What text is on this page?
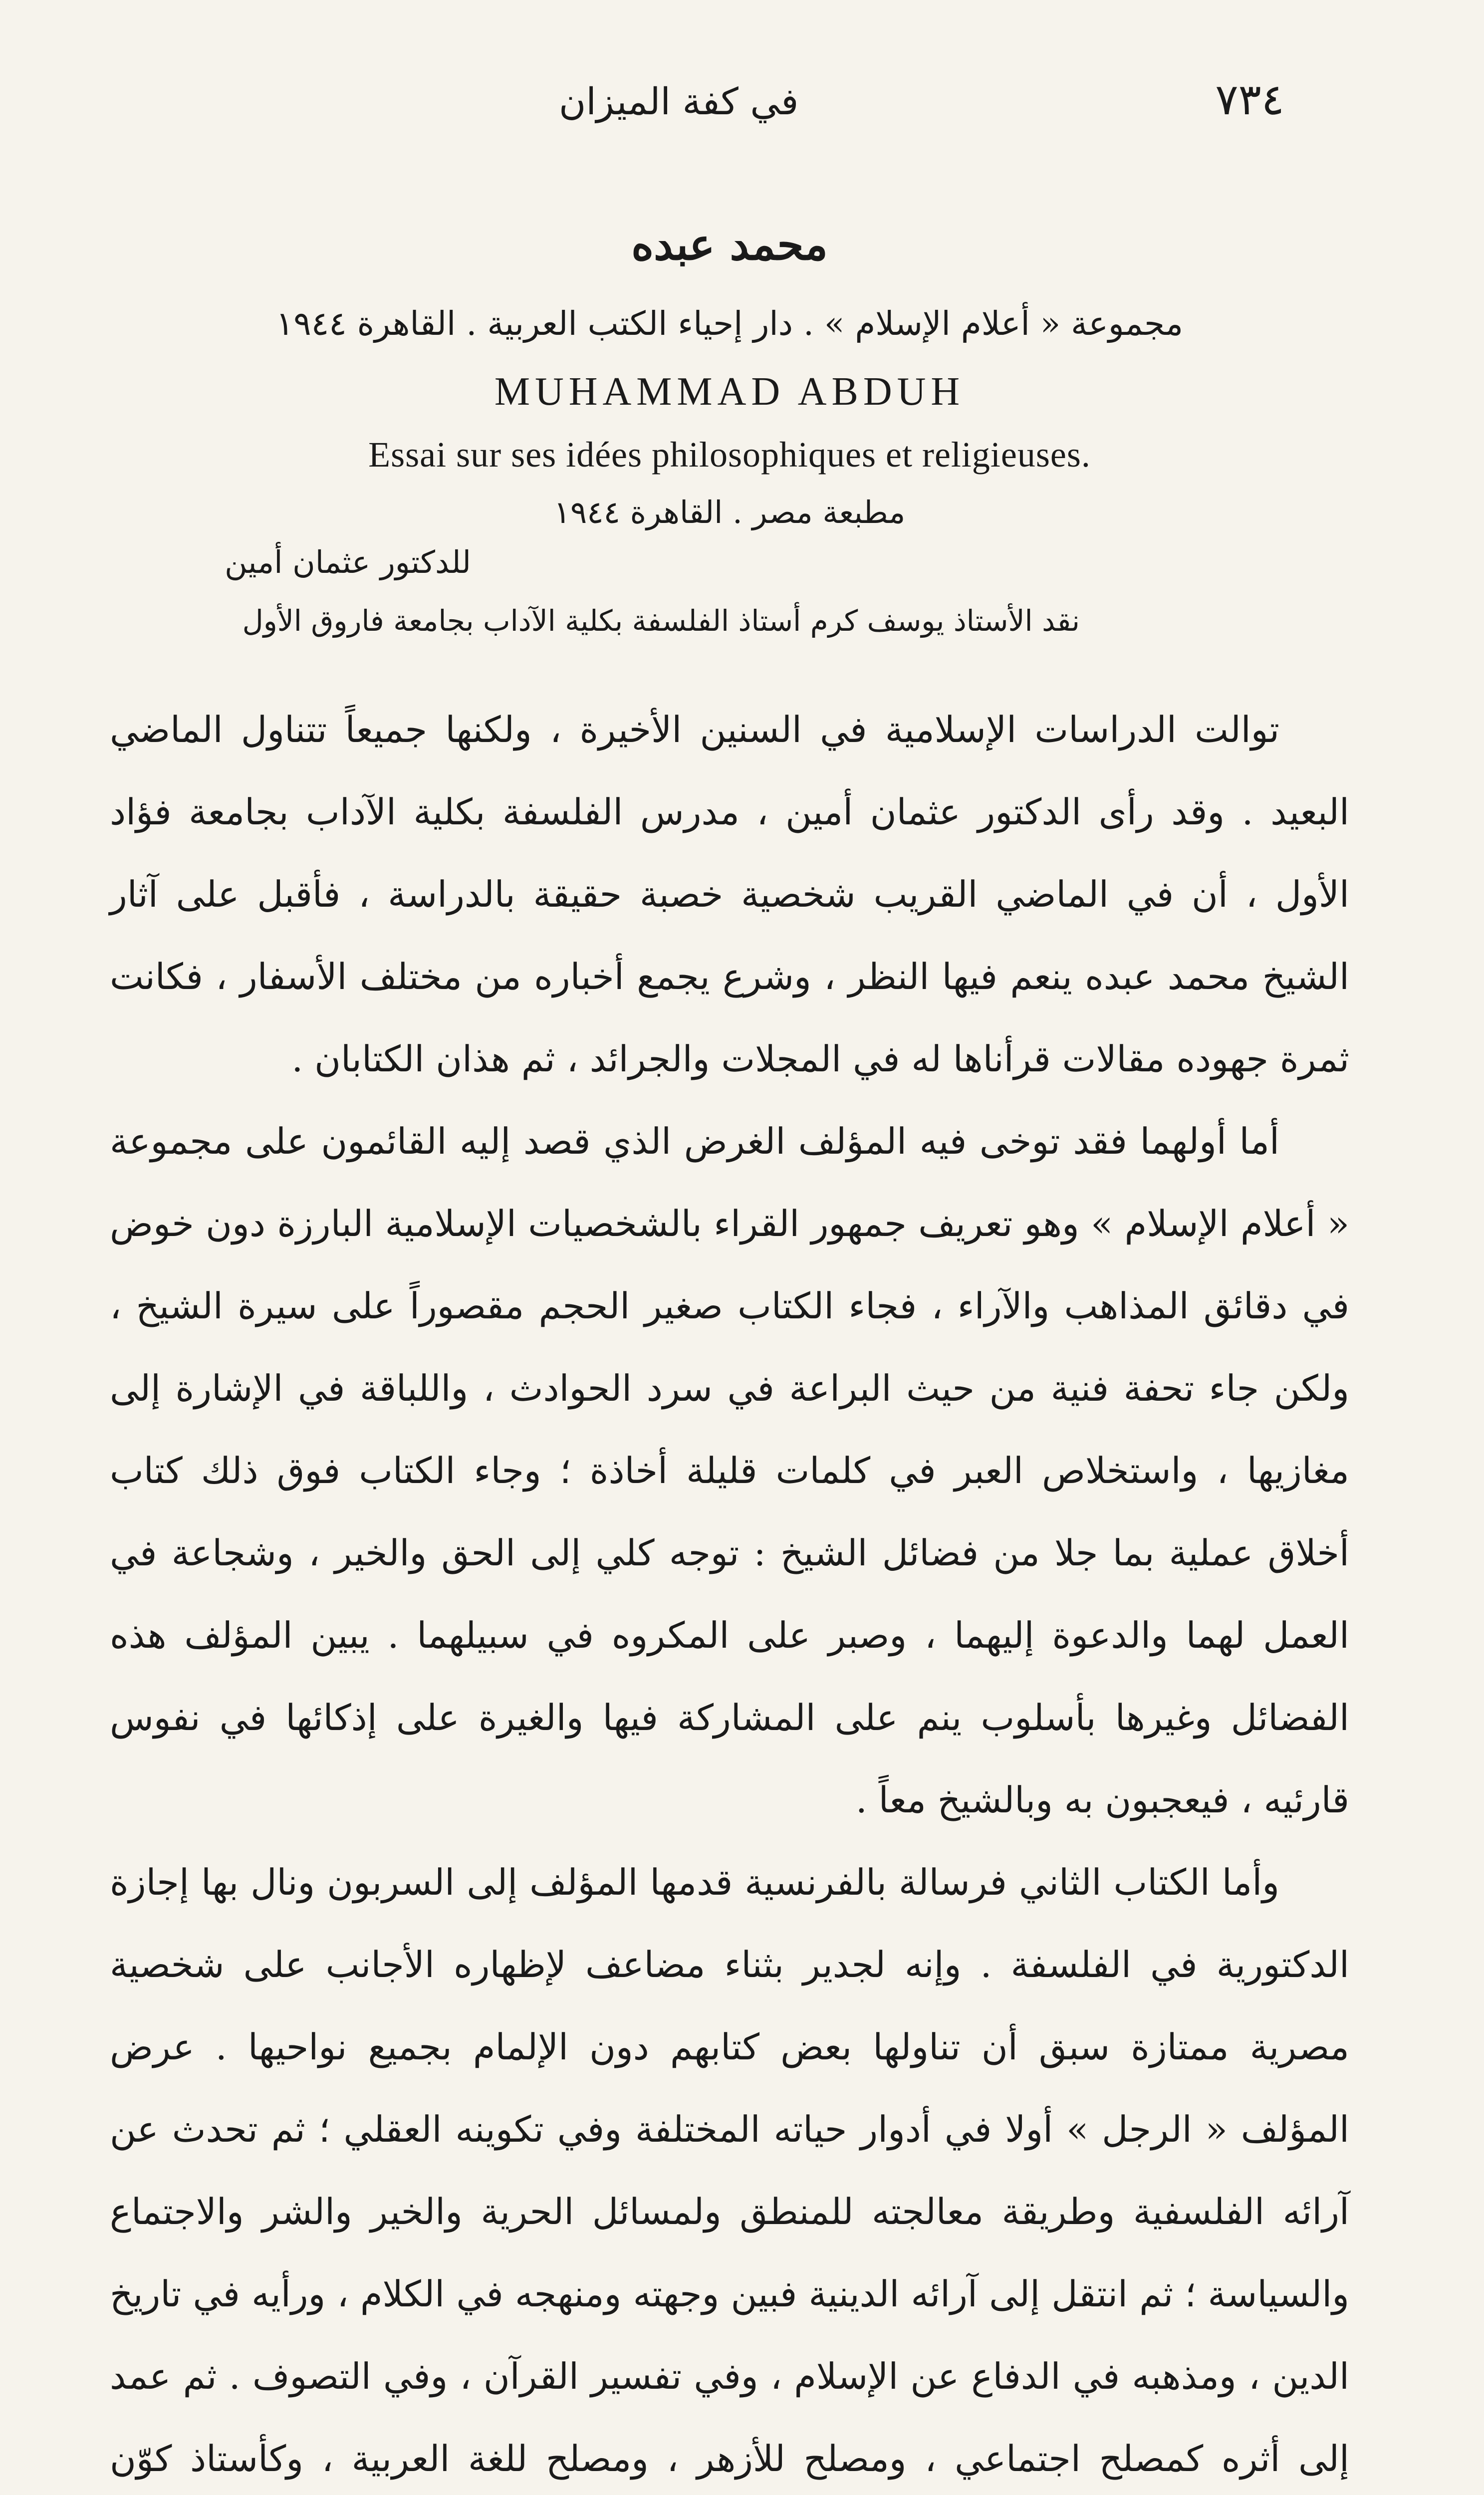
٧٣٤
في كفة الميزان
محمد عبده
مجموعة « أعلام الإسلام » . دار إحياء الكتب العربية . القاهرة ١٩٤٤
MUHAMMAD ABDUH
Essai sur ses idées philosophiques et religieuses.
مطبعة مصر . القاهرة ١٩٤٤
للدكتور عثمان أمين
نقد الأستاذ يوسف كرم أستاذ الفلسفة بكلية الآداب بجامعة فاروق الأول

توالت الدراسات الإسلامية في السنين الأخيرة ، ولكنها جميعاً تتناول الماضي البعيد . وقد رأى الدكتور عثمان أمين ، مدرس الفلسفة بكلية الآداب بجامعة فؤاد الأول ، أن في الماضي القريب شخصية خصبة حقيقة بالدراسة ، فأقبل على آثار الشيخ محمد عبده ينعم فيها النظر ، وشرع يجمع أخباره من مختلف الأسفار ، فكانت ثمرة جهوده مقالات قرأناها له في المجلات والجرائد ، ثم هذان الكتابان .

أما أولهما فقد توخى فيه المؤلف الغرض الذي قصد إليه القائمون على مجموعة « أعلام الإسلام » وهو تعريف جمهور القراء بالشخصيات الإسلامية البارزة دون خوض في دقائق المذاهب والآراء ، فجاء الكتاب صغير الحجم مقصوراً على سيرة الشيخ ، ولكن جاء تحفة فنية من حيث البراعة في سرد الحوادث ، واللباقة في الإشارة إلى مغازيها ، واستخلاص العبر في كلمات قليلة أخاذة ؛ وجاء الكتاب فوق ذلك كتاب أخلاق عملية بما جلا من فضائل الشيخ : توجه كلي إلى الحق والخير ، وشجاعة في العمل لهما والدعوة إليهما ، وصبر على المكروه في سبيلهما . يبين المؤلف هذه الفضائل وغيرها بأسلوب ينم على المشاركة فيها والغيرة على إذكائها في نفوس قارئيه ، فيعجبون به وبالشيخ معاً .

وأما الكتاب الثاني فرسالة بالفرنسية قدمها المؤلف إلى السربون ونال بها إجازة الدكتورية في الفلسفة . وإنه لجدير بثناء مضاعف لإظهاره الأجانب على شخصية مصرية ممتازة سبق أن تناولها بعض كتابهم دون الإلمام بجميع نواحيها . عرض المؤلف « الرجل » أولا في أدوار حياته المختلفة وفي تكوينه العقلي ؛ ثم تحدث عن آرائه الفلسفية وطريقة معالجته للمنطق ولمسائل الحرية والخير والشر والاجتماع والسياسة ؛ ثم انتقل إلى آرائه الدينية فبين وجهته ومنهجه في الكلام ، ورأيه في تاريخ الدين ، ومذهبه في الدفاع عن الإسلام ، وفي تفسير القرآن ، وفي التصوف . ثم عمد إلى أثره كمصلح اجتماعي ، ومصلح للأزهر ، ومصلح للغة العربية ، وكأستاذ كوّن
